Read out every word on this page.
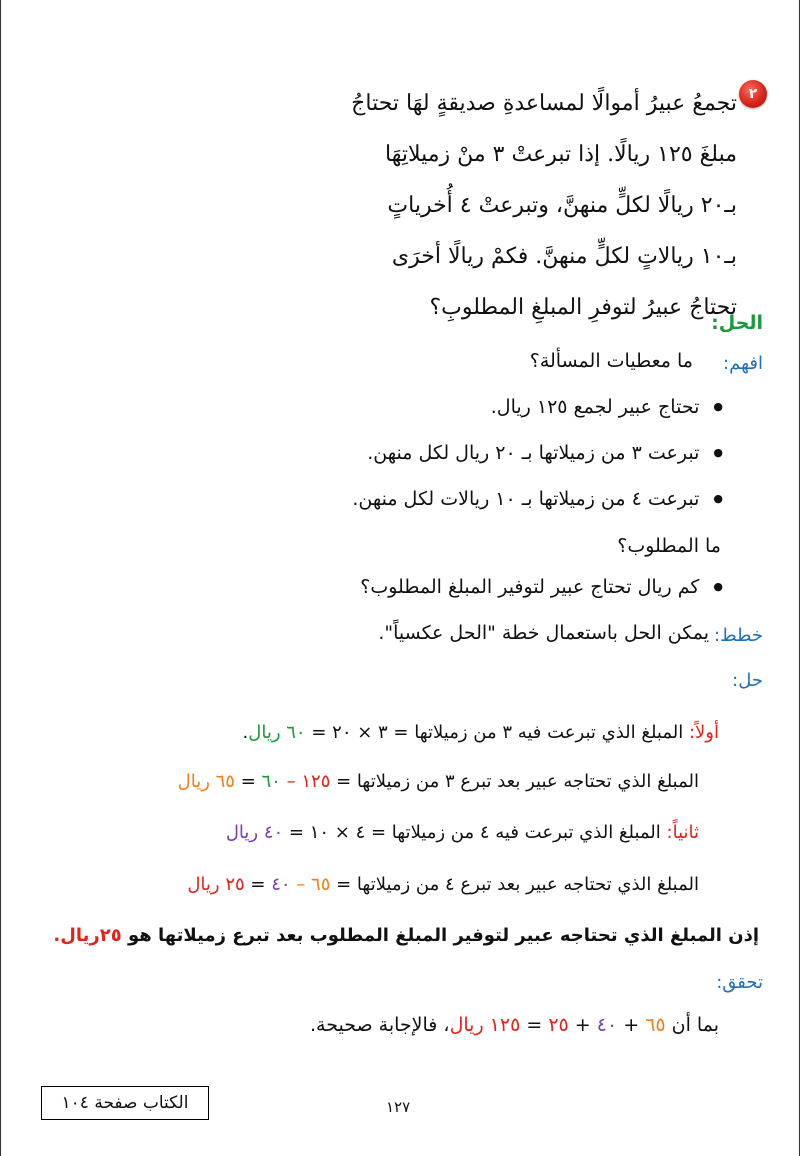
٢
تجمعُ عبيرُ أموالًا لمساعدةِ صديقةٍ لهَا تحتاجُ
مبلغَ ١٢٥ ريالًا. إذا تبرعتْ ٣ منْ زميلاتِهَا
بـ٢٠ ريالًا لكلٍّ منهنَّ، وتبرعتْ ٤ أُخرياتٍ
بـ١٠ ريالاتٍ لكلٍّ منهنَّ. فكمْ ريالًا أخرَى
تحتاجُ عبيرُ لتوفرِ المبلغِ المطلوبِ؟
الحل:
افهم:
ما معطيات المسألة؟
● تحتاج عبير لجمع ١٢٥ ريال.
● تبرعت ٣ من زميلاتها بـ ٢٠ ريال لكل منهن.
● تبرعت ٤ من زميلاتها بـ ١٠ ريالات لكل منهن.
ما المطلوب؟
● كم ريال تحتاج عبير لتوفير المبلغ المطلوب؟
خطط:
يمكن الحل باستعمال خطة "الحل عكسياً".
حل:
أولاً: المبلغ الذي تبرعت فيه ٣ من زميلاتها = ٣ × ٢٠ = ٦٠ ريال.
المبلغ الذي تحتاجه عبير بعد تبرع ٣ من زميلاتها = ١٢٥ – ٦٠ = ٦٥ ريال
ثانياً: المبلغ الذي تبرعت فيه ٤ من زميلاتها = ٤ × ١٠ = ٤٠ ريال
المبلغ الذي تحتاجه عبير بعد تبرع ٤ من زميلاتها = ٦٥ – ٤٠ = ٢٥ ريال
إذن المبلغ الذي تحتاجه عبير لتوفير المبلغ المطلوب بعد تبرع زميلاتها هو ٢٥ريال.
تحقق:
بما أن ٦٥ + ٤٠ + ٢٥ = ١٢٥ ريال، فالإجابة صحيحة.
الكتاب صفحة ١٠٤	١٢٧
